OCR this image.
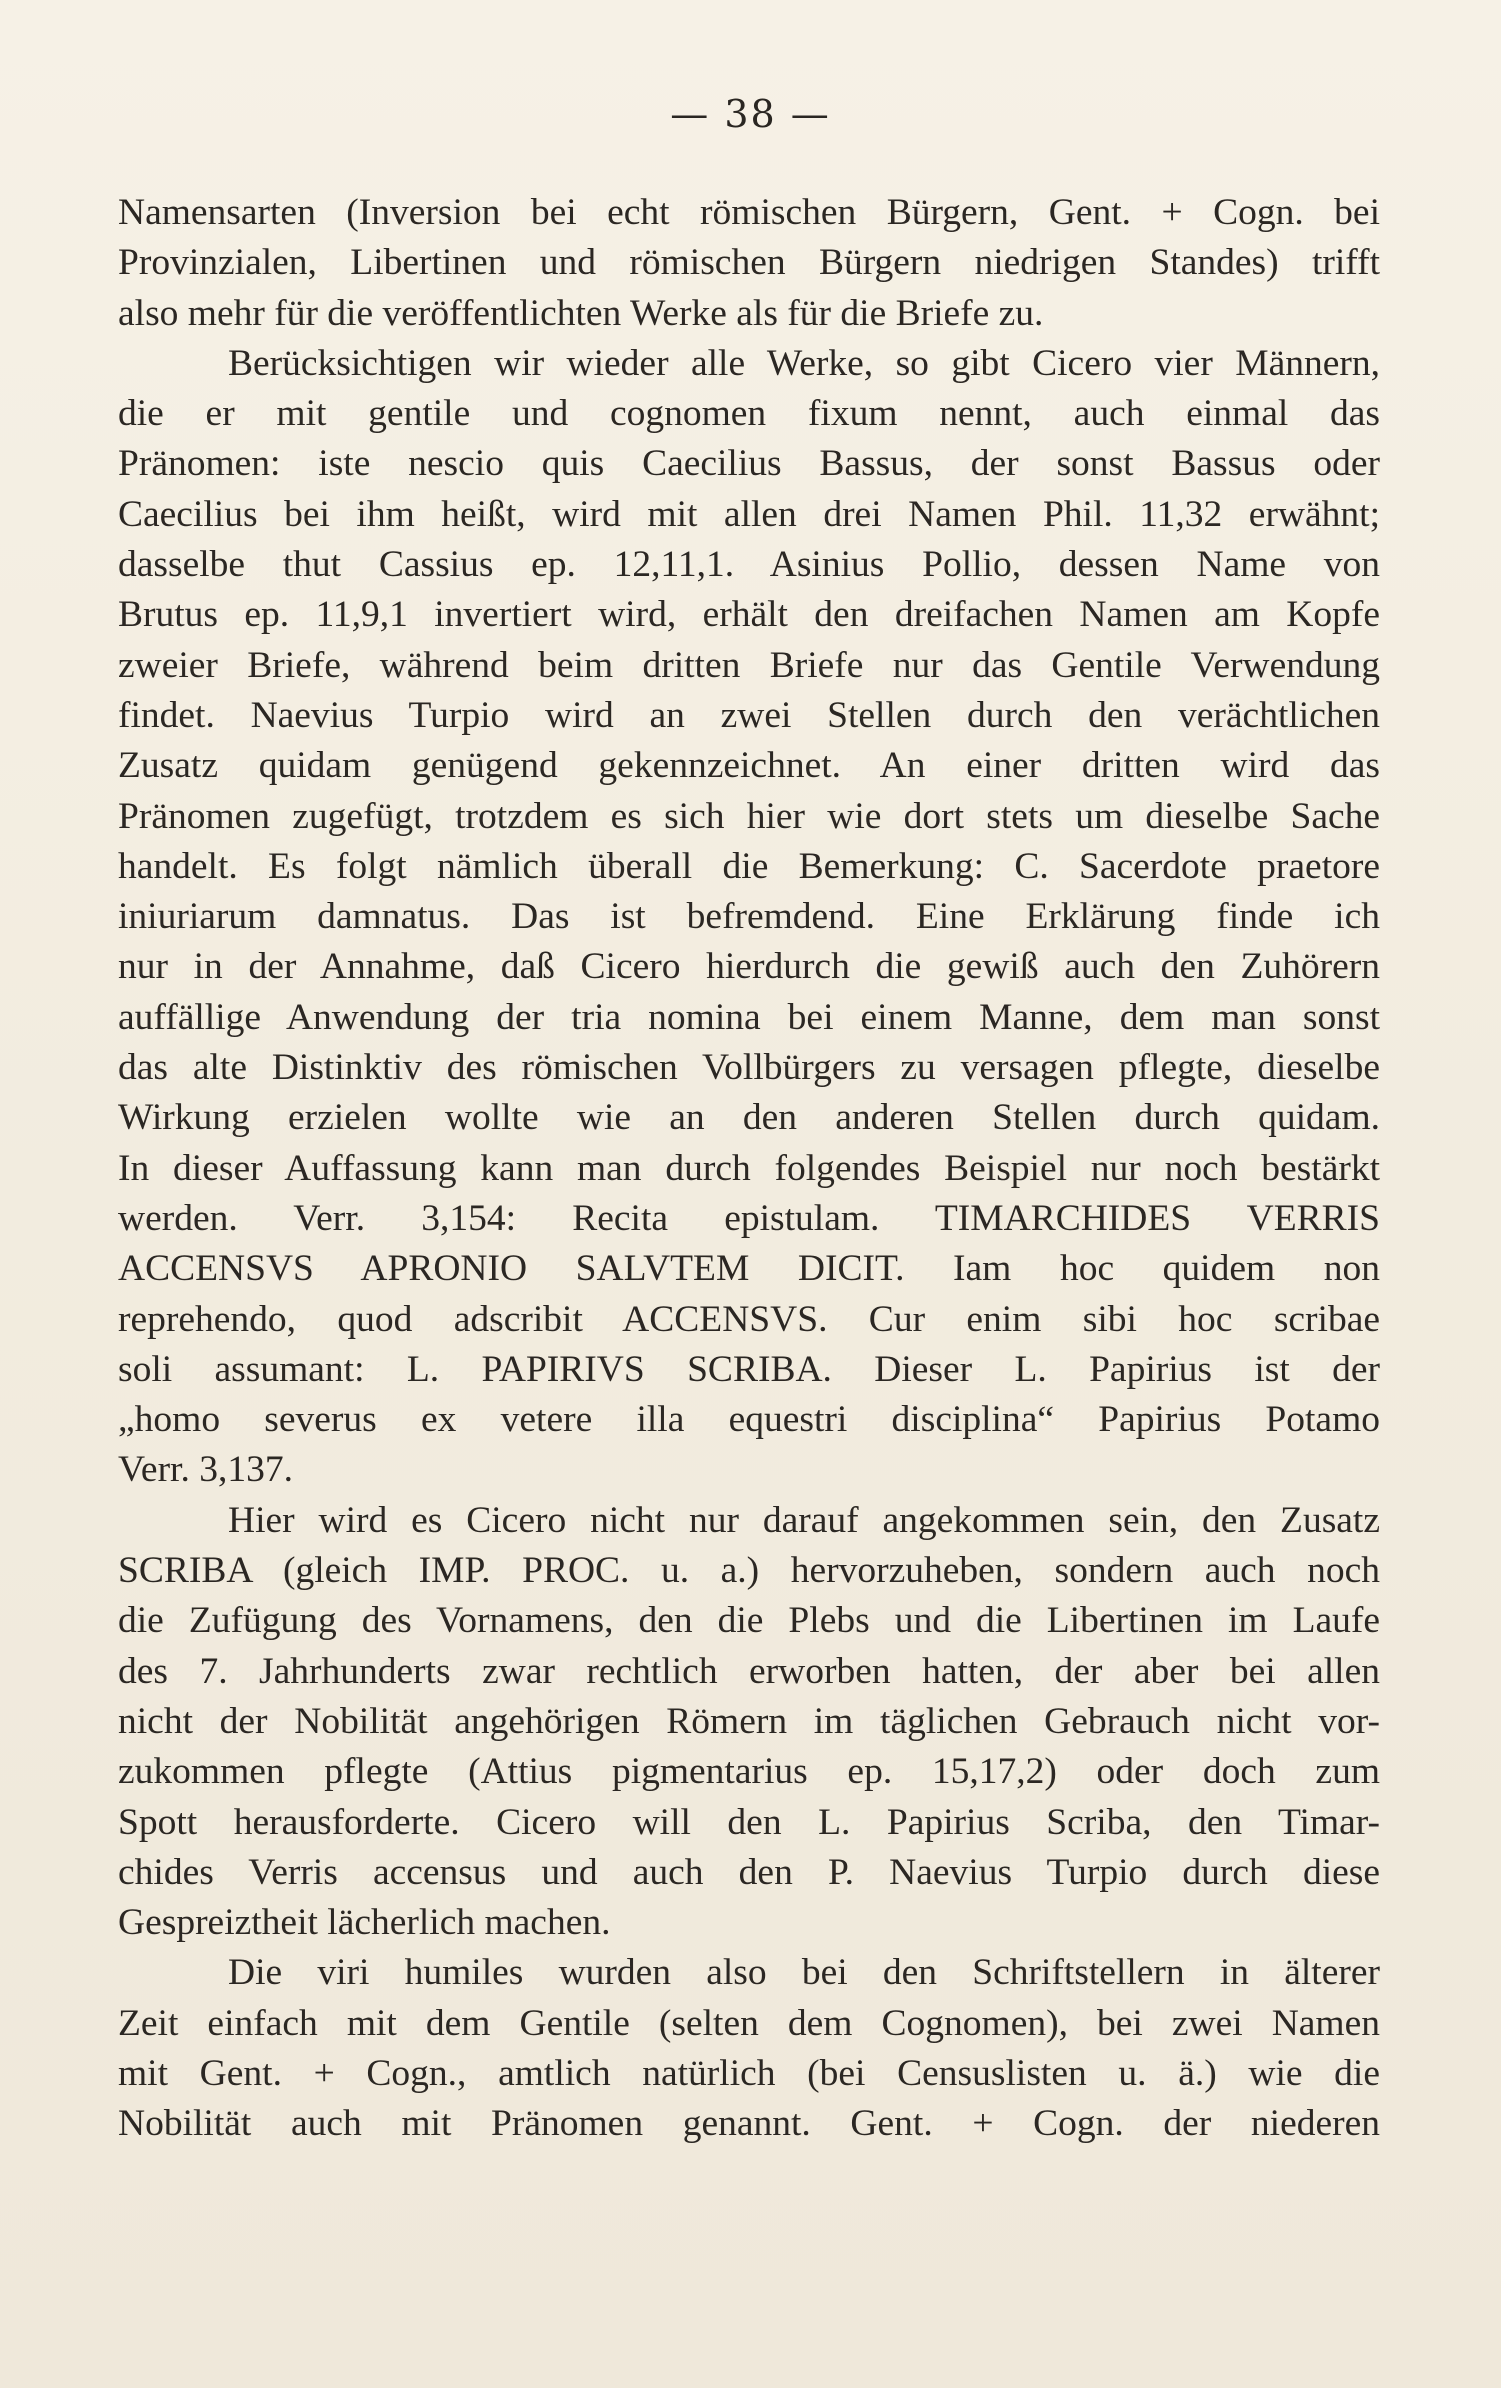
— 38 —
Namensarten (Inversion bei echt römischen Bürgern, Gent. + Cogn. bei
Provinzialen, Libertinen und römischen Bürgern niedrigen Standes) trifft
also mehr für die veröffentlichten Werke als für die Briefe zu.
Berücksichtigen wir wieder alle Werke, so gibt Cicero vier Männern,
die er mit gentile und cognomen fixum nennt, auch einmal das
Pränomen: iste nescio quis Caecilius Bassus, der sonst Bassus oder
Caecilius bei ihm heißt, wird mit allen drei Namen Phil. 11,32 erwähnt;
dasselbe thut Cassius ep. 12,11,1. Asinius Pollio, dessen Name von
Brutus ep. 11,9,1 invertiert wird, erhält den dreifachen Namen am Kopfe
zweier Briefe, während beim dritten Briefe nur das Gentile Verwendung
findet. Naevius Turpio wird an zwei Stellen durch den verächtlichen
Zusatz quidam genügend gekennzeichnet. An einer dritten wird das
Pränomen zugefügt, trotzdem es sich hier wie dort stets um dieselbe Sache
handelt. Es folgt nämlich überall die Bemerkung: C. Sacerdote praetore
iniuriarum damnatus. Das ist befremdend. Eine Erklärung finde ich
nur in der Annahme, daß Cicero hierdurch die gewiß auch den Zuhörern
auffällige Anwendung der tria nomina bei einem Manne, dem man sonst
das alte Distinktiv des römischen Vollbürgers zu versagen pflegte, dieselbe
Wirkung erzielen wollte wie an den anderen Stellen durch quidam.
In dieser Auffassung kann man durch folgendes Beispiel nur noch bestärkt
werden. Verr. 3,154: Recita epistulam. TIMARCHIDES VERRIS
ACCENSVS APRONIO SALVTEM DICIT. Iam hoc quidem non
reprehendo, quod adscribit ACCENSVS. Cur enim sibi hoc scribae
soli assumant: L. PAPIRIVS SCRIBA. Dieser L. Papirius ist der
„homo severus ex vetere illa equestri disciplina“ Papirius Potamo
Verr. 3,137.
Hier wird es Cicero nicht nur darauf angekommen sein, den Zusatz
SCRIBA (gleich IMP. PROC. u. a.) hervorzuheben, sondern auch noch
die Zufügung des Vornamens, den die Plebs und die Libertinen im Laufe
des 7. Jahrhunderts zwar rechtlich erworben hatten, der aber bei allen
nicht der Nobilität angehörigen Römern im täglichen Gebrauch nicht vor-
zukommen pflegte (Attius pigmentarius ep. 15,17,2) oder doch zum
Spott herausforderte. Cicero will den L. Papirius Scriba, den Timar-
chides Verris accensus und auch den P. Naevius Turpio durch diese
Gespreiztheit lächerlich machen.
Die viri humiles wurden also bei den Schriftstellern in älterer
Zeit einfach mit dem Gentile (selten dem Cognomen), bei zwei Namen
mit Gent. + Cogn., amtlich natürlich (bei Censuslisten u. ä.) wie die
Nobilität auch mit Pränomen genannt. Gent. + Cogn. der niederen
